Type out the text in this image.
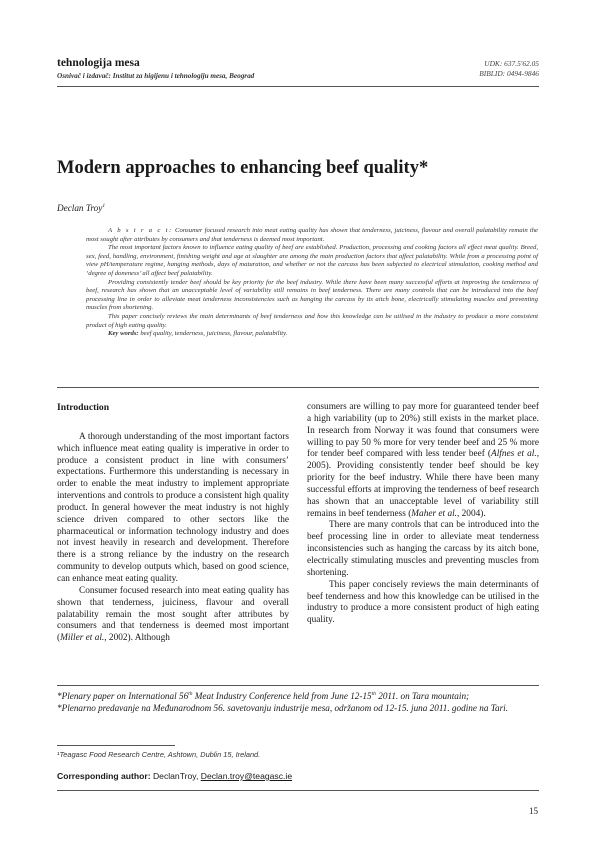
tehnologija mesa
Osnivač i izdavač: Institut za higijenu i tehnologiju mesa, Beograd
UDK: 637.5'62.05
BIBLID: 0494-9846
Modern approaches to enhancing beef quality*
Declan Troy$^1$

A b s t r a c t: Consumer focused research into meat eating quality has shown that tenderness, juiciness, flavour and overall palatability remain the most sought after attributes by consumers and that tenderness is deemed most important.

The most important factors known to influence eating quality of beef are established. Production, processing and cooking factors all effect meat quality. Breed, sex, feed, handling, environment, finishing weight and age at slaughter are among the main production factors that affect palatability. While from a processing point of view pH/temperature regime, hanging methods, days of maturation, and whether or not the carcass has been subjected to electrical stimulation, cooking method and ‘degree of doneness’ all affect beef palatability.

Providing consistently tender beef should be key priority for the beef industry. While there have been many successful efforts at improving the tenderness of beef, research has shown that an unacceptable level of variability still remains in beef tenderness. There are many controls that can be introduced into the beef processing line in order to alleviate meat tenderness inconsistencies such as hanging the carcass by its aitch bone, electrically stimulating muscles and preventing muscles from shortening.

This paper concisely reviews the main determinants of beef tenderness and how this knowledge can be utilised in the industry to produce a more consistent product of high eating quality.

Key words: beef quality, tenderness, juiciness, flavour, palatability.

Introduction

A thorough understanding of the most important factors which influence meat eating quality is imperative in order to produce a consistent product in line with consumers’ expectations. Furthermore this understanding is necessary in order to enable the meat industry to implement appropriate interventions and controls to produce a consistent high quality product. In general however the meat industry is not highly science driven compared to other sectors like the pharmaceutical or information technology industry and does not invest heavily in research and development. Therefore there is a strong reliance by the industry on the research community to develop outputs which, based on good science, can enhance meat eating quality.

Consumer focused research into meat eating quality has shown that tenderness, juiciness, flavour and overall palatability remain the most sought after attributes by consumers and that tenderness is deemed most important (Miller et al., 2002). Although

consumers are willing to pay more for guaranteed tender beef a high variability (up to 20%) still exists in the market place. In research from Norway it was found that consumers were willing to pay 50 % more for very tender beef and 25 % more for tender beef compared with less tender beef (Alfnes et al., 2005). Providing consistently tender beef should be key priority for the beef industry. While there have been many successful efforts at improving the tenderness of beef research has shown that an unacceptable level of variability still remains in beef tenderness (Maher et al., 2004).

There are many controls that can be introduced into the beef processing line in order to alleviate meat tenderness inconsistencies such as hanging the carcass by its aitch bone, electrically stimulating muscles and preventing muscles from shortening.

This paper concisely reviews the main determinants of beef tenderness and how this knowledge can be utilised in the industry to produce a more consistent product of high eating quality.

*Plenary paper on International 56th Meat Industry Conference held from June 12-15th 2011. on Tara mountain;
*Plenarno predavanje na Međunarodnom 56. savetovanju industrije mesa, održanom od 12-15. juna 2011. godine na Tari.
¹Teagasc Food Research Centre, Ashtown, Dublin 15, Ireland.
Corresponding author: DeclanTroy, Declan.troy@teagasc.ie
15
